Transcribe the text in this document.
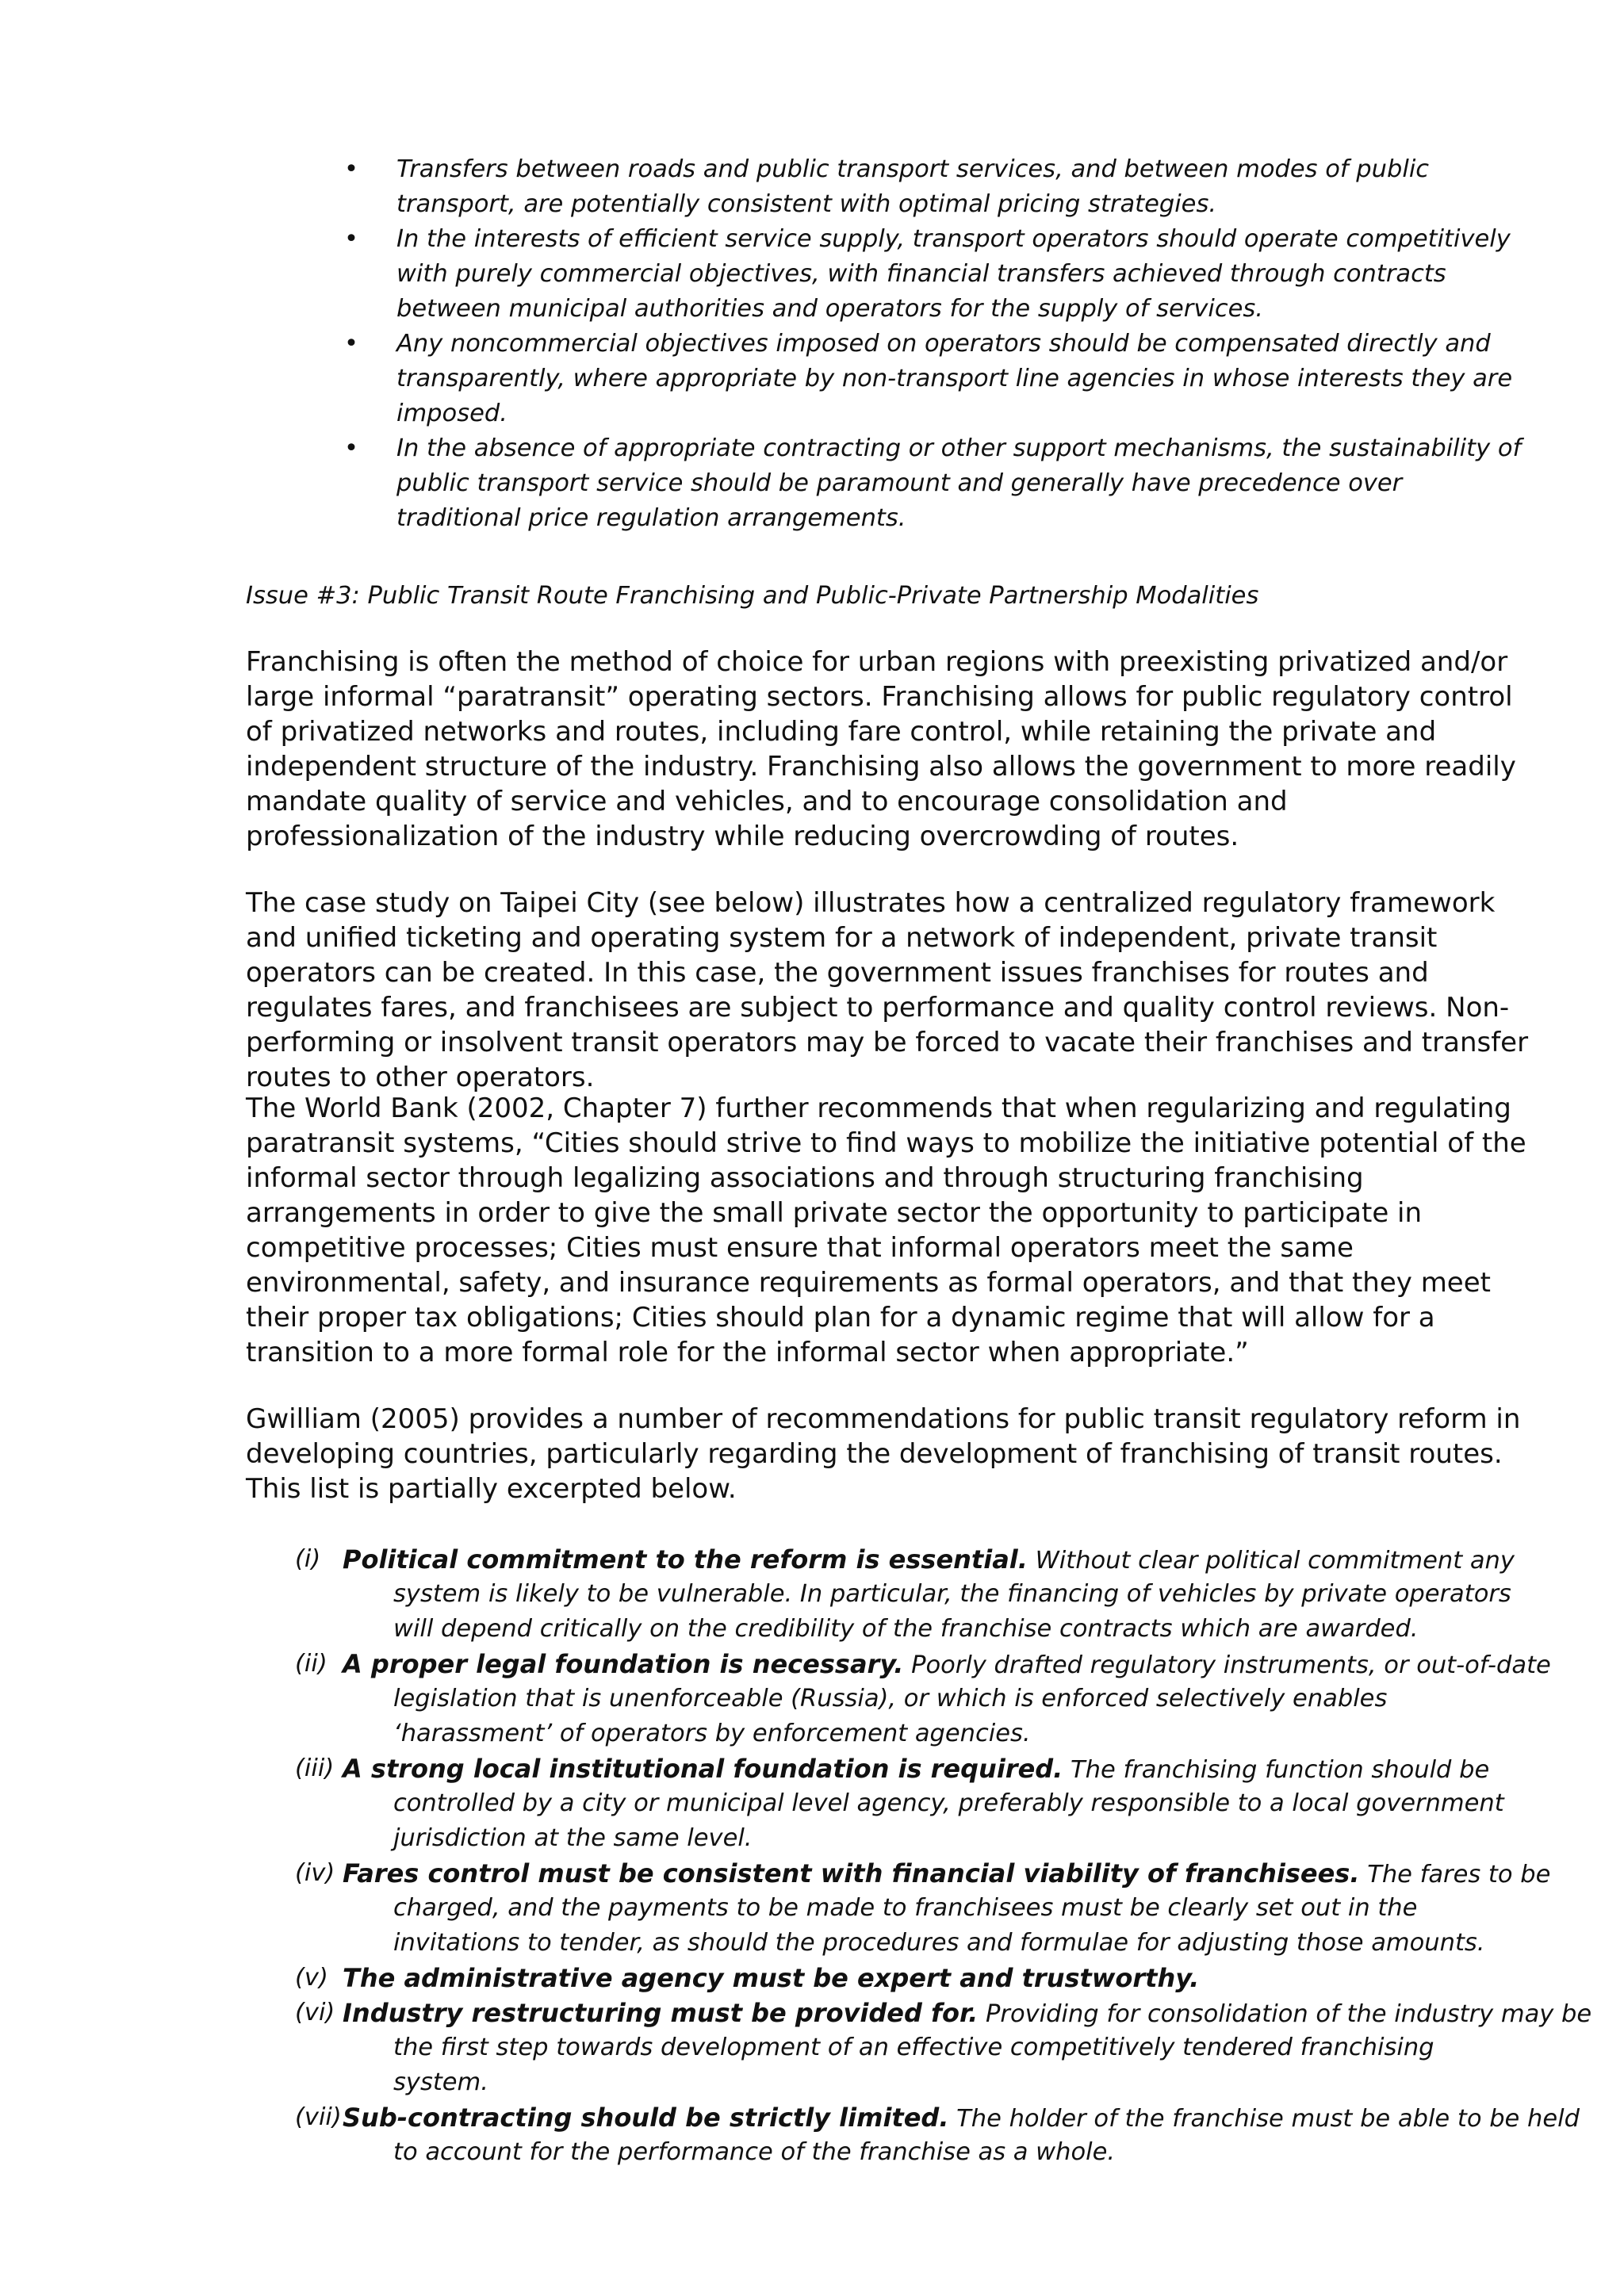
• Transfers between roads and public transport services, and between modes of public transport, are potentially consistent with optimal pricing strategies.
• In the interests of efficient service supply, transport operators should operate competitively with purely commercial objectives, with financial transfers achieved through contracts between municipal authorities and operators for the supply of services.
• Any noncommercial objectives imposed on operators should be compensated directly and transparently, where appropriate by non-transport line agencies in whose interests they are imposed.
• In the absence of appropriate contracting or other support mechanisms, the sustainability of public transport service should be paramount and generally have precedence over traditional price regulation arrangements.

Issue #3: Public Transit Route Franchising and Public-Private Partnership Modalities

Franchising is often the method of choice for urban regions with preexisting privatized and/or large informal “paratransit” operating sectors. Franchising allows for public regulatory control of privatized networks and routes, including fare control, while retaining the private and independent structure of the industry. Franchising also allows the government to more readily mandate quality of service and vehicles, and to encourage consolidation and professionalization of the industry while reducing overcrowding of routes.

The case study on Taipei City (see below) illustrates how a centralized regulatory framework and unified ticketing and operating system for a network of independent, private transit operators can be created. In this case, the government issues franchises for routes and regulates fares, and franchisees are subject to performance and quality control reviews. Non-performing or insolvent transit operators may be forced to vacate their franchises and transfer routes to other operators.

The World Bank (2002, Chapter 7) further recommends that when regularizing and regulating paratransit systems, “Cities should strive to find ways to mobilize the initiative potential of the informal sector through legalizing associations and through structuring franchising arrangements in order to give the small private sector the opportunity to participate in competitive processes; Cities must ensure that informal operators meet the same environmental, safety, and insurance requirements as formal operators, and that they meet their proper tax obligations; Cities should plan for a dynamic regime that will allow for a transition to a more formal role for the informal sector when appropriate.”

Gwilliam (2005) provides a number of recommendations for public transit regulatory reform in developing countries, particularly regarding the development of franchising of transit routes. This list is partially excerpted below.

(i) Political commitment to the reform is essential. Without clear political commitment any

system is likely to be vulnerable. In particular, the financing of vehicles by private operators will depend critically on the credibility of the franchise contracts which are awarded.
(ii) A proper legal foundation is necessary. Poorly drafted regulatory instruments, or out-of-date

legislation that is unenforceable (Russia), or which is enforced selectively enables ‘harassment’ of operators by enforcement agencies.
(iii) A strong local institutional foundation is required. The franchising function should be

controlled by a city or municipal level agency, preferably responsible to a local government jurisdiction at the same level.
(iv) Fares control must be consistent with financial viability of franchisees. The fares to be

charged, and the payments to be made to franchisees must be clearly set out in the invitations to tender, as should the procedures and formulae for adjusting those amounts.
(v) The administrative agency must be expert and trustworthy.

(vi) Industry restructuring must be provided for. Providing for consolidation of the industry may be

the first step towards development of an effective competitively tendered franchising system.
(vii) Sub-contracting should be strictly limited. The holder of the franchise must be able to be held

to account for the performance of the franchise as a whole.
